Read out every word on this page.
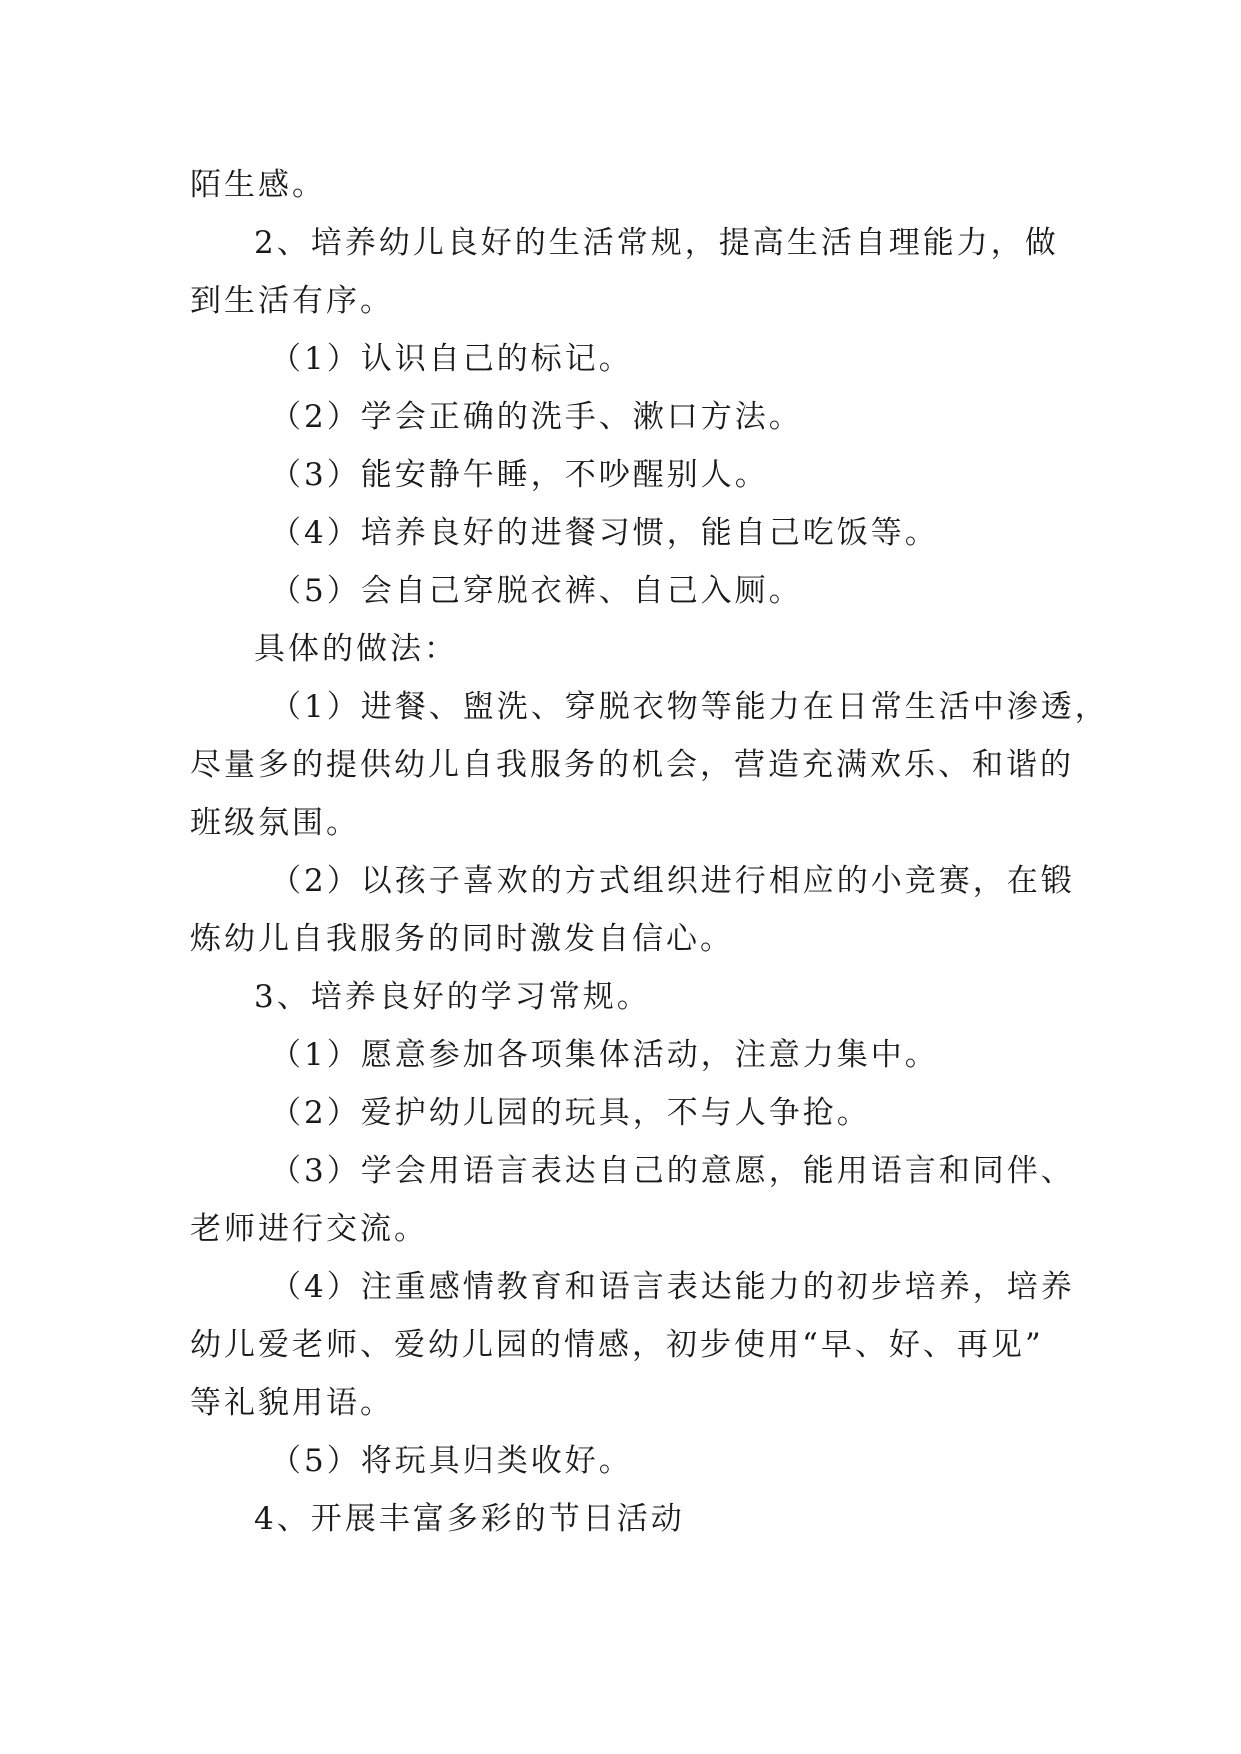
陌生感。

2、培养幼儿良好的生活常规，提高生活自理能力，做

到生活有序。

（1）认识自己的标记。

（2）学会正确的洗手、漱口方法。

（3）能安静午睡，不吵醒别人。

（4）培养良好的进餐习惯，能自己吃饭等。

（5）会自己穿脱衣裤、自己入厕。

具体的做法：

（1）进餐、盥洗、穿脱衣物等能力在日常生活中渗透，

尽量多的提供幼儿自我服务的机会，营造充满欢乐、和谐的

班级氛围。

（2）以孩子喜欢的方式组织进行相应的小竞赛，在锻

炼幼儿自我服务的同时激发自信心。

3、培养良好的学习常规。

（1）愿意参加各项集体活动，注意力集中。

（2）爱护幼儿园的玩具，不与人争抢。

（3）学会用语言表达自己的意愿，能用语言和同伴、

老师进行交流。

（4）注重感情教育和语言表达能力的初步培养，培养

幼儿爱老师、爱幼儿园的情感，初步使用“早、好、再见”

等礼貌用语。

（5）将玩具归类收好。

4、开展丰富多彩的节日活动
